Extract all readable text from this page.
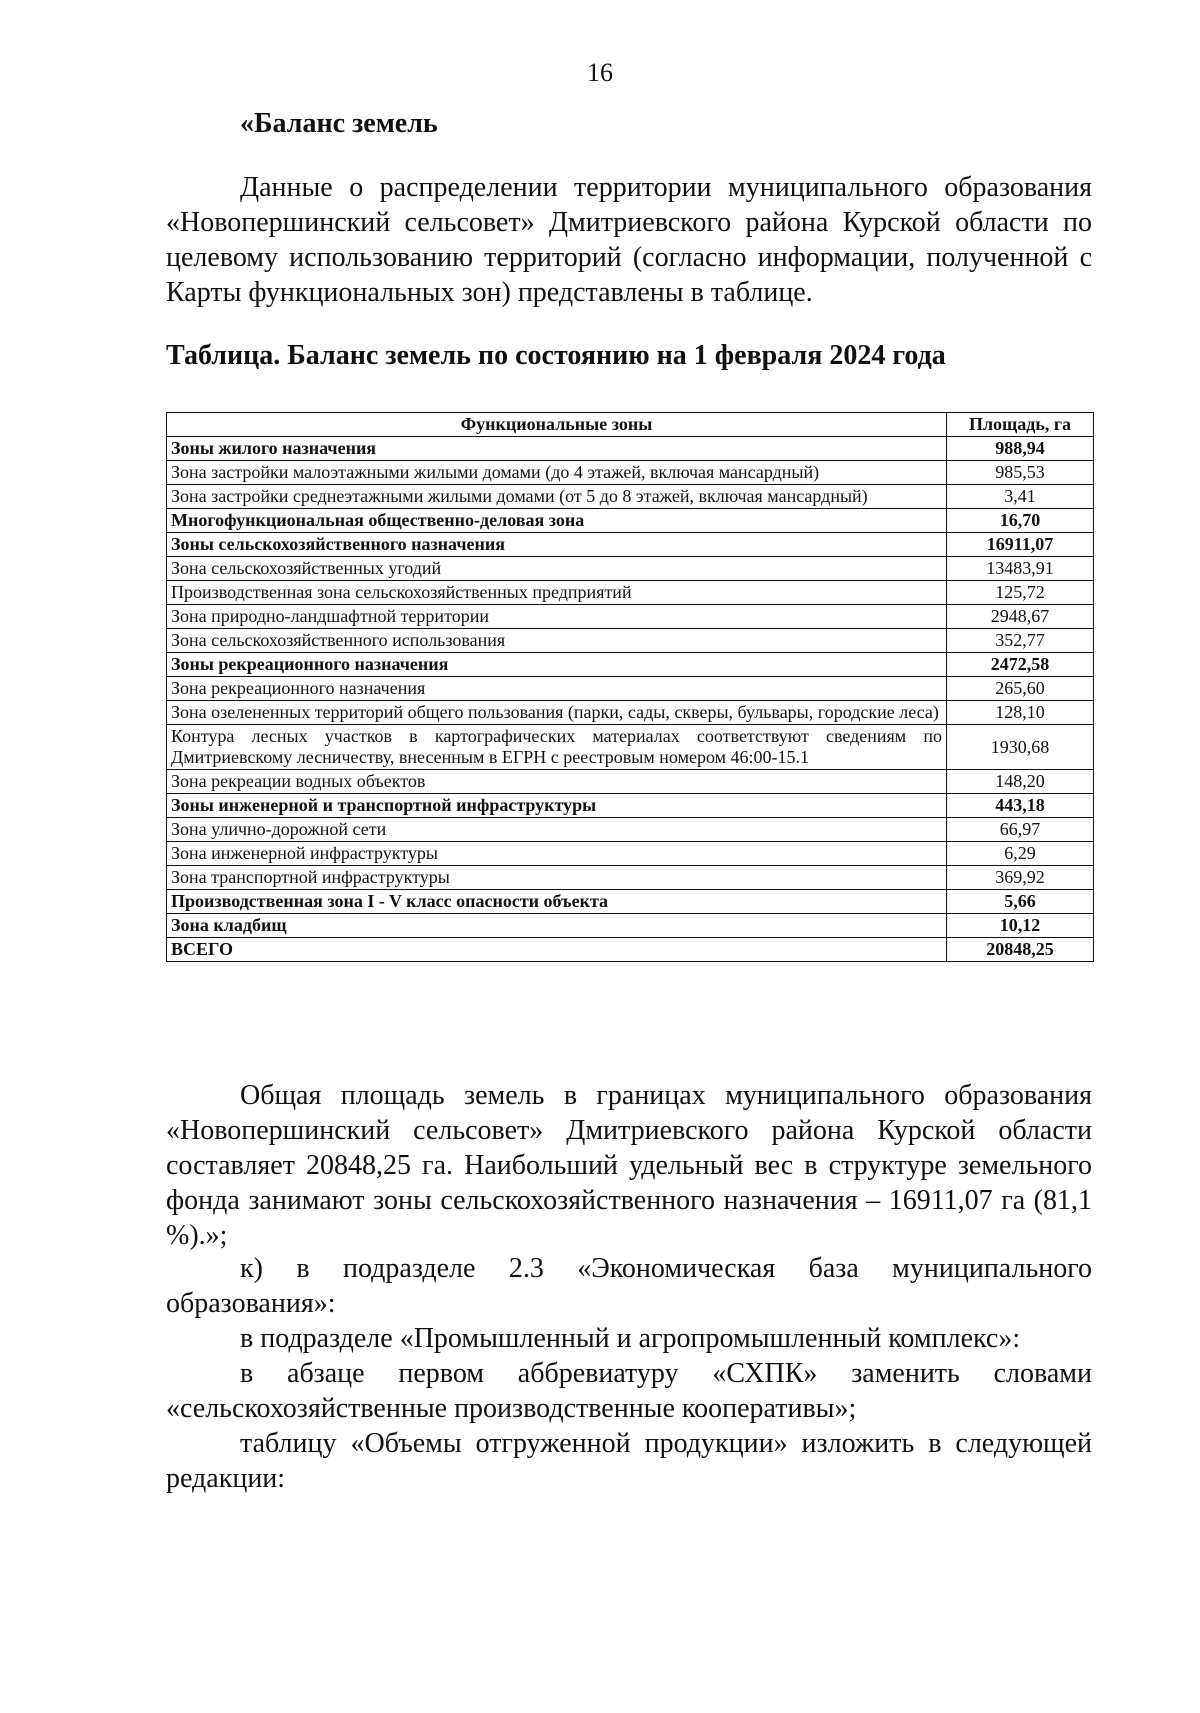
16
«Баланс земель

Данные о распределении территории муниципального образования «Новопершинский сельсовет» Дмитриевского района Курской области по целевому использованию территорий (согласно информации, полученной с Карты функциональных зон) представлены в таблице.

Таблица. Баланс земель по состоянию на 1 февраля 2024 года
Функциональные зоны	Площадь, га
Зоны жилого назначения	988,94
Зона застройки малоэтажными жилыми домами (до 4 этажей, включая мансардный)	985,53
Зона застройки среднеэтажными жилыми домами (от 5 до 8 этажей, включая мансардный)	3,41
Многофункциональная общественно-деловая зона	16,70
Зоны сельскохозяйственного назначения	16911,07
Зона сельскохозяйственных угодий	13483,91
Производственная зона сельскохозяйственных предприятий	125,72
Зона природно-ландшафтной территории	2948,67
Зона сельскохозяйственного использования	352,77
Зоны рекреационного назначения	2472,58
Зона рекреационного назначения	265,60
Зона озелененных территорий общего пользования (парки, сады, скверы, бульвары, городские леса)	128,10
Контура лесных участков в картографических материалах соответствуют сведениям по Дмитриевскому лесничеству, внесенным в ЕГРН с реестровым номером 46:00-15.1	1930,68
Зона рекреации водных объектов	148,20
Зоны инженерной и транспортной инфраструктуры	443,18
Зона улично-дорожной сети	66,97
Зона инженерной инфраструктуры	6,29
Зона транспортной инфраструктуры	369,92
Производственная зона I - V класс опасности объекта	5,66
Зона кладбищ	10,12
ВСЕГО	20848,25

Общая площадь земель в границах муниципального образования «Новопершинский сельсовет» Дмитриевского района Курской области составляет 20848,25 га. Наибольший удельный вес в структуре земельного фонда занимают зоны сельскохозяйственного назначения – 16911,07 га (81,1 %).»;

к) в подразделе 2.3 «Экономическая база муниципального образования»:

в подразделе «Промышленный и агропромышленный комплекс»:

в абзаце первом аббревиатуру «СХПК» заменить словами «сельскохозяйственные производственные кооперативы»;

таблицу «Объемы отгруженной продукции» изложить в следующей редакции:
